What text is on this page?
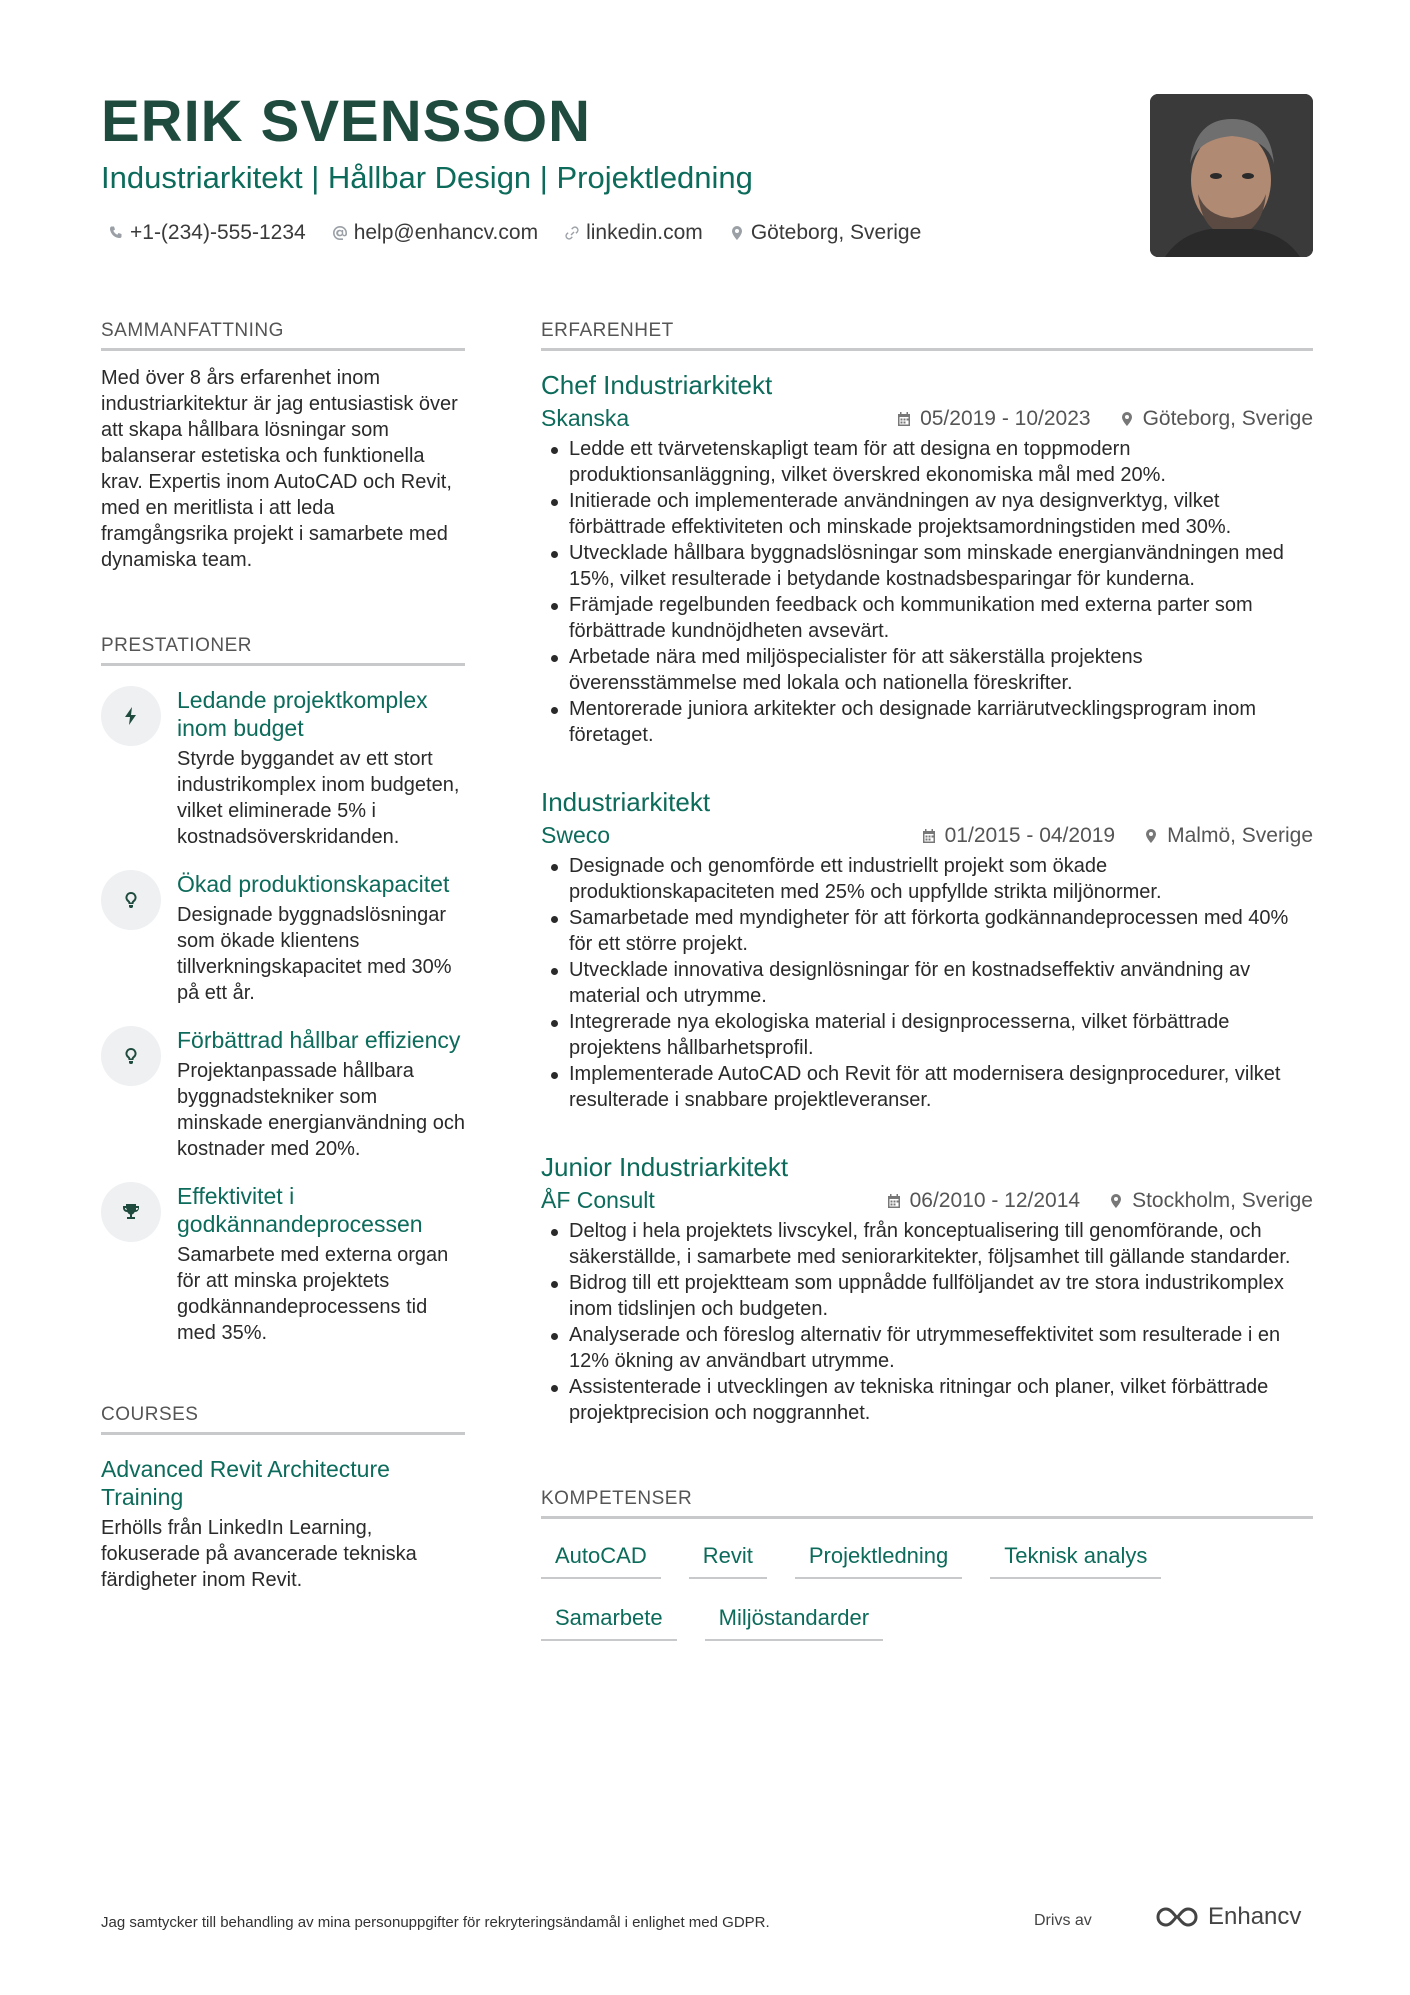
ERIK SVENSSON
Industriarkitekt | Hållbar Design | Projektledning
+1-(234)-555-1234 help@enhancv.com linkedin.com Göteborg, Sverige
SAMMANFATTNING

Med över 8 års erfarenhet inom industriarkitektur är jag entusiastisk över att skapa hållbara lösningar som balanserar estetiska och funktionella krav. Expertis inom AutoCAD och Revit, med en meritlista i att leda framgångsrika projekt i samarbete med dynamiska team.

PRESTATIONER
Ledande projektkomplex inom budget
Styrde byggandet av ett stort industrikomplex inom budgeten, vilket eliminerade 5% i kostnadsöverskridanden.
Ökad produktionskapacitet
Designade byggnadslösningar som ökade klientens tillverkningskapacitet med 30% på ett år.
Förbättrad hållbar effiziency
Projektanpassade hållbara byggnadstekniker som minskade energianvändning och kostnader med 20%.
Effektivitet i godkännandeprocessen
Samarbete med externa organ för att minska projektets godkännandeprocessens tid med 35%.
COURSES
Advanced Revit Architecture Training
Erhölls från LinkedIn Learning, fokuserade på avancerade tekniska färdigheter inom Revit.
ERFARENHET
Chef Industriarkitekt
Skanska	05/2019 - 10/2023 Göteborg, Sverige
Ledde ett tvärvetenskapligt team för att designa en toppmodern produktionsanläggning, vilket överskred ekonomiska mål med 20%.
Initierade och implementerade användningen av nya designverktyg, vilket förbättrade effektiviteten och minskade projektsamordningstiden med 30%.
Utvecklade hållbara byggnadslösningar som minskade energianvändningen med 15%, vilket resulterade i betydande kostnadsbesparingar för kunderna.
Främjade regelbunden feedback och kommunikation med externa parter som förbättrade kundnöjdheten avsevärt.
Arbetade nära med miljöspecialister för att säkerställa projektens överensstämmelse med lokala och nationella föreskrifter.
Mentorerade juniora arkitekter och designade karriärutvecklingsprogram inom företaget.
Industriarkitekt
Sweco	01/2015 - 04/2019 Malmö, Sverige
Designade och genomförde ett industriellt projekt som ökade produktionskapaciteten med 25% och uppfyllde strikta miljönormer.
Samarbetade med myndigheter för att förkorta godkännandeprocessen med 40% för ett större projekt.
Utvecklade innovativa designlösningar för en kostnadseffektiv användning av material och utrymme.
Integrerade nya ekologiska material i designprocesserna, vilket förbättrade projektens hållbarhetsprofil.
Implementerade AutoCAD och Revit för att modernisera designprocedurer, vilket resulterade i snabbare projektleveranser.
Junior Industriarkitekt
ÅF Consult	06/2010 - 12/2014 Stockholm, Sverige
Deltog i hela projektets livscykel, från konceptualisering till genomförande, och säkerställde, i samarbete med seniorarkitekter, följsamhet till gällande standarder.
Bidrog till ett projektteam som uppnådde fullföljandet av tre stora industrikomplex inom tidslinjen och budgeten.
Analyserade och föreslog alternativ för utrymmeseffektivitet som resulterade i en 12% ökning av användbart utrymme.
Assistenterade i utvecklingen av tekniska ritningar och planer, vilket förbättrade projektprecision och noggrannhet.
KOMPETENSER
AutoCAD	Revit	Projektledning	Teknisk analys
Samarbete	Miljöstandarder
Jag samtycker till behandling av mina personuppgifter för rekryteringsändamål i enlighet med GDPR.	Drivs av	Enhancv
